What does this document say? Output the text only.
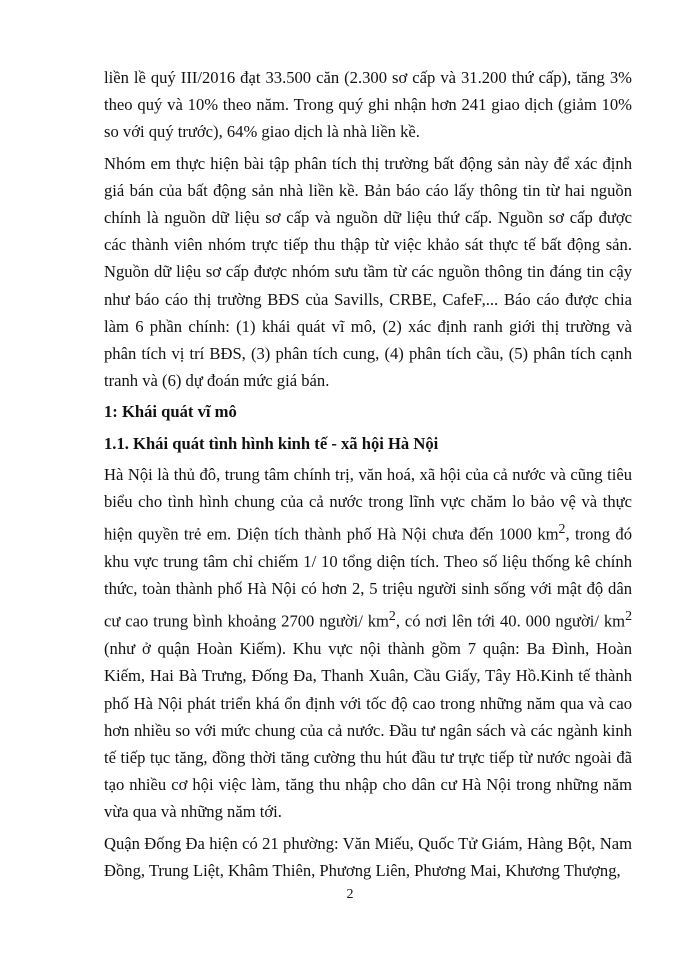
liền lề quý III/2016 đạt 33.500 căn (2.300 sơ cấp và 31.200 thứ cấp), tăng 3% theo quý và 10% theo năm. Trong quý ghi nhận hơn 241 giao dịch (giảm 10% so với quý trước), 64% giao dịch là nhà liền kề.

Nhóm em thực hiện bài tập phân tích thị trường bất động sản này để xác định giá bán của bất động sản nhà liền kề. Bản báo cáo lấy thông tin từ hai nguồn chính là nguồn dữ liệu sơ cấp và nguồn dữ liệu thứ cấp. Nguồn sơ cấp được các thành viên nhóm trực tiếp thu thập từ việc khảo sát thực tế bất động sản. Nguồn dữ liệu sơ cấp được nhóm sưu tầm từ các nguồn thông tin đáng tin cậy như báo cáo thị trường BĐS của Savills, CRBE, CafeF,... Báo cáo được chia làm 6 phần chính: (1) khái quát vĩ mô, (2) xác định ranh giới thị trường và phân tích vị trí BĐS, (3) phân tích cung, (4) phân tích cầu, (5) phân tích cạnh tranh và (6) dự đoán mức giá bán.

1: Khái quát vĩ mô

1.1. Khái quát tình hình kinh tế - xã hội Hà Nội

Hà Nội là thủ đô, trung tâm chính trị, văn hoá, xã hội của cả nước và cũng tiêu biểu cho tình hình chung của cả nước trong lĩnh vực chăm lo bảo vệ và thực hiện quyền trẻ em. Diện tích thành phố Hà Nội chưa đến 1000 $km^2$, trong đó khu vực trung tâm chỉ chiếm 1/ 10 tổng diện tích. Theo số liệu thống kê chính thức, toàn thành phố Hà Nội có hơn 2, 5 triệu người sinh sống với mật độ dân cư cao trung bình khoảng 2700 người/ $km^2$, có nơi lên tới 40. 000 người/ $km^2$ (như ở quận Hoàn Kiếm). Khu vực nội thành gồm 7 quận: Ba Đình, Hoàn Kiếm, Hai Bà Trưng, Đống Đa, Thanh Xuân, Cầu Giấy, Tây Hồ.Kinh tế thành phố Hà Nội phát triển khá ổn định với tốc độ cao trong những năm qua và cao hơn nhiều so với mức chung của cả nước. Đầu tư ngân sách và các ngành kinh tế tiếp tục tăng, đồng thời tăng cường thu hút đầu tư trực tiếp từ nước ngoài đã tạo nhiều cơ hội việc làm, tăng thu nhập cho dân cư Hà Nội trong những năm vừa qua và những năm tới.

Quận Đống Đa hiện có 21 phường: Văn Miếu, Quốc Tử Giám, Hàng Bột, Nam Đồng, Trung Liệt, Khâm Thiên, Phương Liên, Phương Mai, Khương Thượng,

2
